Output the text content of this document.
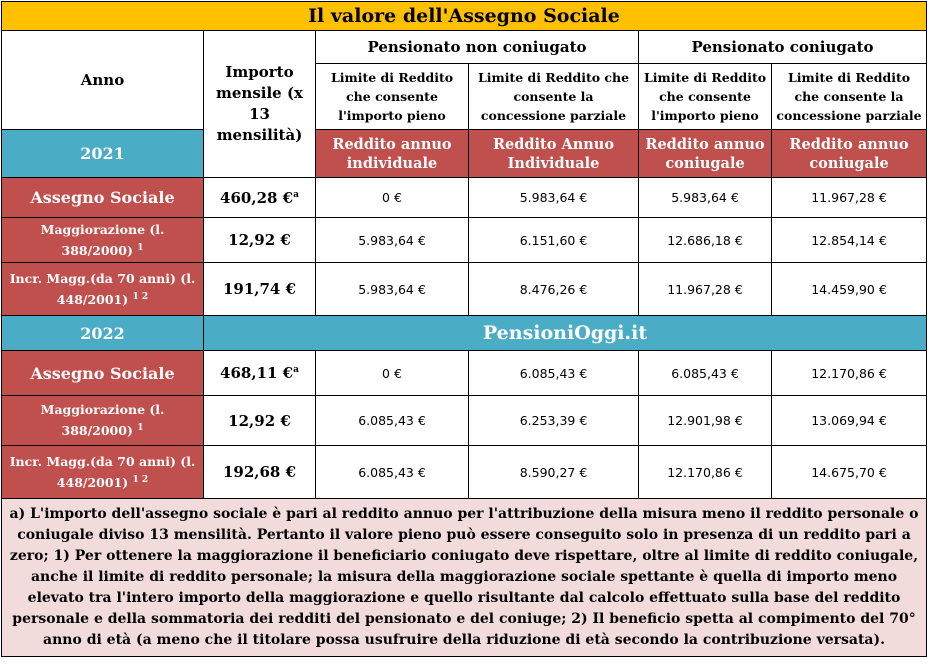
Il valore dell'Assegno Sociale					
Anno	Importo mensile (x 13 mensilità)	Pensionato non coniugato		Pensionato coniugato	
		Limite di Reddito che consente l'importo pieno	Limite di Reddito che consente la concessione parziale	Limite di Reddito che consente l'importo pieno	Limite di Reddito che consente la concessione parziale
2021		Reddito annuo individuale	Reddito Annuo Individuale	Reddito annuo coniugale	Reddito annuo coniugale
Assegno Sociale	460,28 €$^a$	0 €	5.983,64 €	5.983,64 €	11.967,28 €
Maggiorazione (l. 388/2000) $^1$	12,92 €	5.983,64 €	6.151,60 €	12.686,18 €	12.854,14 €
Incr. Magg.(da 70 anni) (l. 448/2001) $^{1 2}$	191,74 €	5.983,64 €	8.476,26 €	11.967,28 €	14.459,90 €
2022	PensioniOggi.it				
Assegno Sociale	468,11 €$^a$	0 €	6.085,43 €	6.085,43 €	12.170,86 €
Maggiorazione (l. 388/2000) $^1$	12,92 €	6.085,43 €	6.253,39 €	12.901,98 €	13.069,94 €
Incr. Magg.(da 70 anni) (l. 448/2001) $^{1 2}$	192,68 €	6.085,43 €	8.590,27 €	12.170,86 €	14.675,70 €
a) L'importo dell'assegno sociale è pari al reddito annuo per l'attribuzione della misura meno il reddito personale o coniugale diviso 13 mensilità. Pertanto il valore pieno può essere conseguito solo in presenza di un reddito pari a zero; 1) Per ottenere la maggiorazione il beneficiario coniugato deve rispettare, oltre al limite di reddito coniugale, anche il limite di reddito personale; la misura della maggiorazione sociale spettante è quella di importo meno elevato tra l'intero importo della maggiorazione e quello risultante dal calcolo effettuato sulla base del reddito personale e della sommatoria dei redditi del pensionato e del coniuge; 2) Il beneficio spetta al compimento del 70° anno di età (a meno che il titolare possa usufruire della riduzione di età secondo la contribuzione versata).					
